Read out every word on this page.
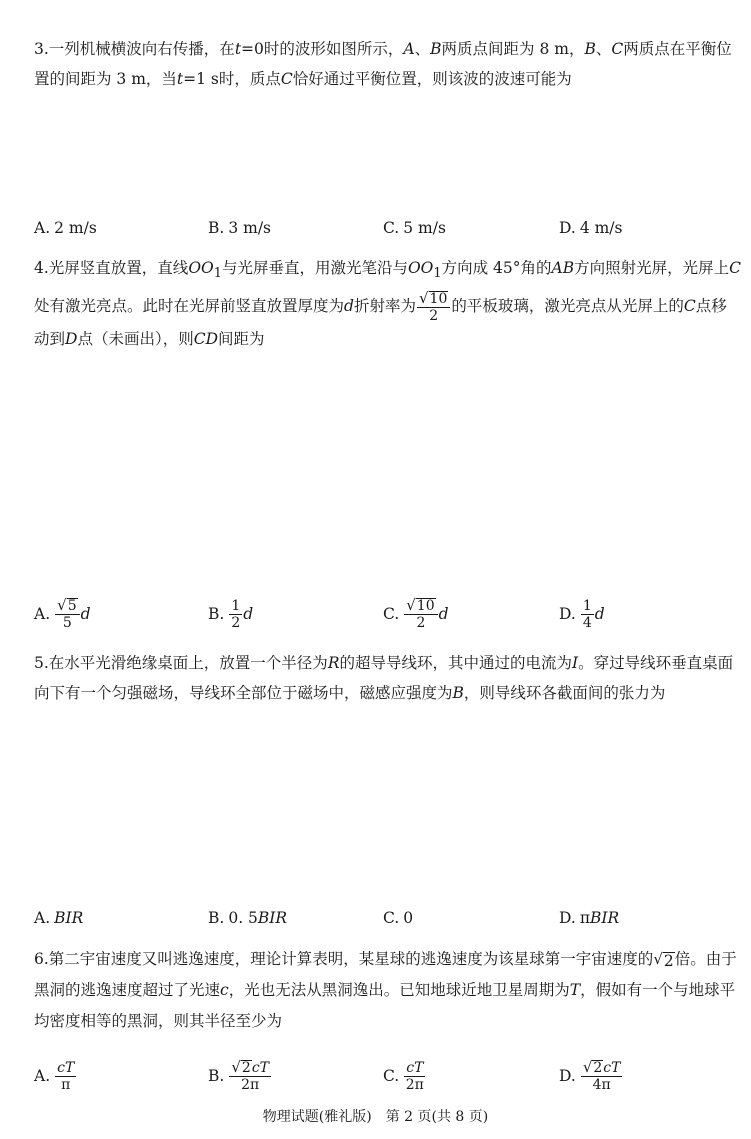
3.一列机械横波向右传播，在t=0时的波形如图所示，A、B两质点间距为 8 m，B、C两质点在平衡位置的间距为 3 m，当t=1 s时，质点C恰好通过平衡位置，则该波的波速可能为
A. 2 m/s	B. 3 m/s	C. 5 m/s	D. 4 m/s
4.光屏竖直放置，直线$OO_1$与光屏垂直，用激光笔沿与$OO_1$方向成 45°角的AB方向照射光屏，光屏上C处有激光亮点。此时在光屏前竖直放置厚度为d折射率为 $\frac{√ 10}{2}$ 的平板玻璃，激光亮点从光屏上的C点移动到D点（未画出），则CD间距为
A. $\frac{√ 5}{5}$ d	B. $\frac{1}{2}$ d	C. $\frac{√ 10}{2}$ d	D. $\frac{1}{4}$ d
5.在水平光滑绝缘桌面上，放置一个半径为R的超导导线环，其中通过的电流为I。穿过导线环垂直桌面向下有一个匀强磁场，导线环全部位于磁场中，磁感应强度为B，则导线环各截面间的张力为
A. BIR	B. 0. 5 BIR	C. 0	D. π BIR
6.第二宇宙速度又叫逃逸速度，理论计算表明，某星球的逃逸速度为该星球第一宇宙速度的 √ 2 倍。由于黑洞的逃逸速度超过了光速c，光也无法从黑洞逸出。已知地球近地卫星周期为T，假如有一个与地球平均密度相等的黑洞，则其半径至少为
A. $\frac{cT}{\pi}$	B. $\frac{√ 2 cT}{2\pi}$	C. $\frac{cT}{2\pi}$	D. $\frac{√ 2 cT}{4\pi}$
物理试题(雅礼版)　第 2 页(共 8 页)
